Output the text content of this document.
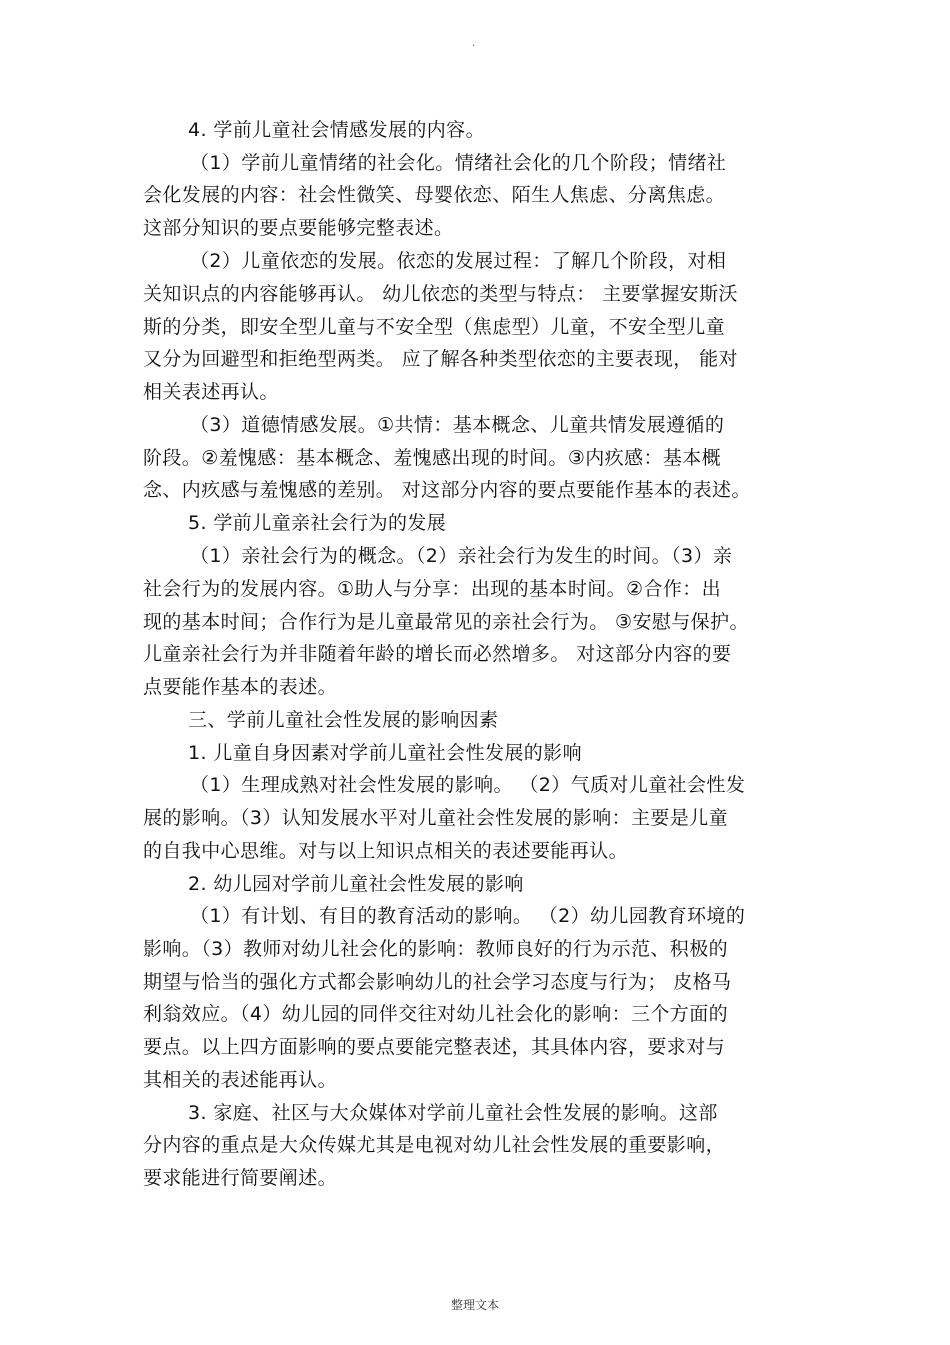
.
4. 学前儿童社会情感发展的内容。
（1）学前儿童情绪的社会化。情绪社会化的几个阶段；情绪社
会化发展的内容：社会性微笑、母婴依恋、陌生人焦虑、分离焦虑。
这部分知识的要点要能够完整表述。
（2）儿童依恋的发展。依恋的发展过程：了解几个阶段，对相
关知识点的内容能够再认。 幼儿依恋的类型与特点： 主要掌握安斯沃
斯的分类，即安全型儿童与不安全型（焦虑型）儿童，不安全型儿童
又分为回避型和拒绝型两类。 应了解各种类型依恋的主要表现， 能对
相关表述再认。
（3）道德情感发展。①共情：基本概念、儿童共情发展遵循的
阶段。②羞愧感：基本概念、羞愧感出现的时间。③内疚感：基本概
念、内疚感与羞愧感的差别。 对这部分内容的要点要能作基本的表述。
5. 学前儿童亲社会行为的发展
（1）亲社会行为的概念。（2）亲社会行为发生的时间。（3）亲
社会行为的发展内容。①助人与分享：出现的基本时间。②合作：出
现的基本时间；合作行为是儿童最常见的亲社会行为。 ③安慰与保护。
儿童亲社会行为并非随着年龄的增长而必然增多。 对这部分内容的要
点要能作基本的表述。
三、学前儿童社会性发展的影响因素
1. 儿童自身因素对学前儿童社会性发展的影响
（1）生理成熟对社会性发展的影响。 （2）气质对儿童社会性发
展的影响。（3）认知发展水平对儿童社会性发展的影响：主要是儿童
的自我中心思维。对与以上知识点相关的表述要能再认。
2. 幼儿园对学前儿童社会性发展的影响
（1）有计划、有目的教育活动的影响。 （2）幼儿园教育环境的
影响。（3）教师对幼儿社会化的影响：教师良好的行为示范、积极的
期望与恰当的强化方式都会影响幼儿的社会学习态度与行为； 皮格马
利翁效应。（4）幼儿园的同伴交往对幼儿社会化的影响：三个方面的
要点。以上四方面影响的要点要能完整表述，其具体内容，要求对与
其相关的表述能再认。
3. 家庭、社区与大众媒体对学前儿童社会性发展的影响。这部
分内容的重点是大众传媒尤其是电视对幼儿社会性发展的重要影响，
要求能进行简要阐述。
整理文本
